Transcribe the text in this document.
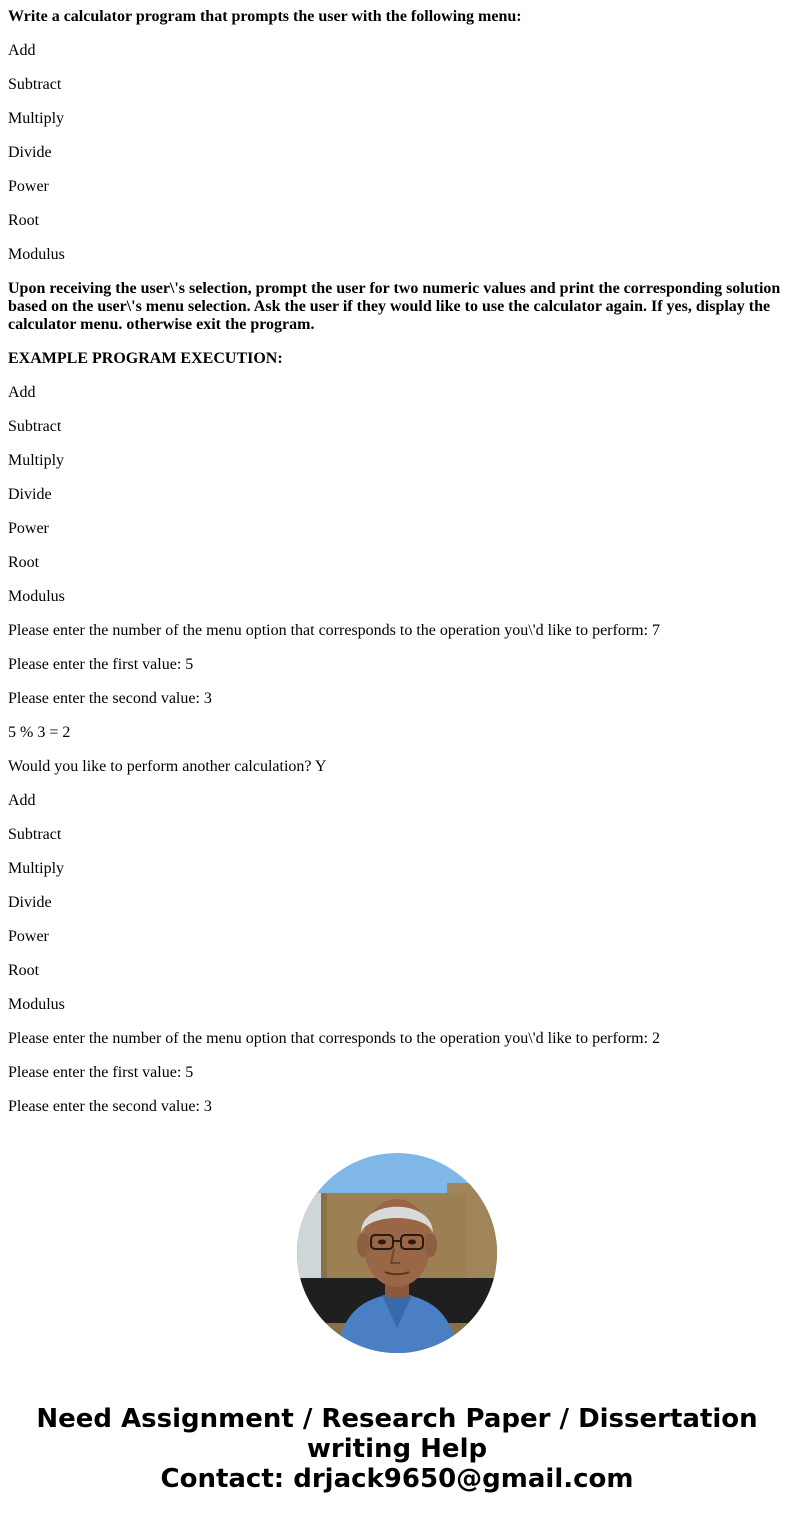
Write a calculator program that prompts the user with the following menu:

Add

Subtract

Multiply

Divide

Power

Root

Modulus

Upon receiving the user\'s selection, prompt the user for two numeric values and print the corresponding solution based on the user\'s menu selection. Ask the user if they would like to use the calculator again. If yes, display the calculator menu. otherwise exit the program.

EXAMPLE PROGRAM EXECUTION:

Add

Subtract

Multiply

Divide

Power

Root

Modulus

Please enter the number of the menu option that corresponds to the operation you\'d like to perform: 7

Please enter the first value: 5

Please enter the second value: 3

5 % 3 = 2

Would you like to perform another calculation? Y

Add

Subtract

Multiply

Divide

Power

Root

Modulus

Please enter the number of the menu option that corresponds to the operation you\'d like to perform: 2

Please enter the first value: 5

Please enter the second value: 3

Need Assignment / Research Paper / Dissertation
writing Help
Contact: drjack9650@gmail.com
